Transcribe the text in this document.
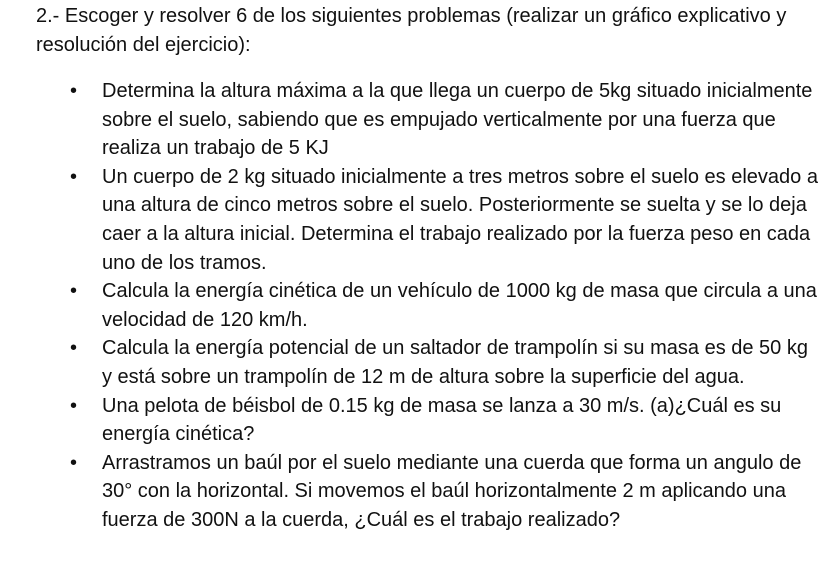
2.- Escoger y resolver 6 de los siguientes problemas (realizar un gráfico explicativo y resolución del ejercicio):

• Determina la altura máxima a la que llega un cuerpo de 5kg situado inicialmente sobre el suelo, sabiendo que es empujado verticalmente por una fuerza que realiza un trabajo de 5 KJ
• Un cuerpo de 2 kg situado inicialmente a tres metros sobre el suelo es elevado a una altura de cinco metros sobre el suelo. Posteriormente se suelta y se lo deja caer a la altura inicial. Determina el trabajo realizado por la fuerza peso en cada uno de los tramos.
• Calcula la energía cinética de un vehículo de 1000 kg de masa que circula a una velocidad de 120 km/h.
• Calcula la energía potencial de un saltador de trampolín si su masa es de 50 kg y está sobre un trampolín de 12 m de altura sobre la superficie del agua.
• Una pelota de béisbol de 0.15 kg de masa se lanza a 30 m/s. (a)¿Cuál es su energía cinética?
• Arrastramos un baúl por el suelo mediante una cuerda que forma un angulo de 30° con la horizontal. Si movemos el baúl horizontalmente 2 m aplicando una fuerza de 300N a la cuerda, ¿Cuál es el trabajo realizado?
